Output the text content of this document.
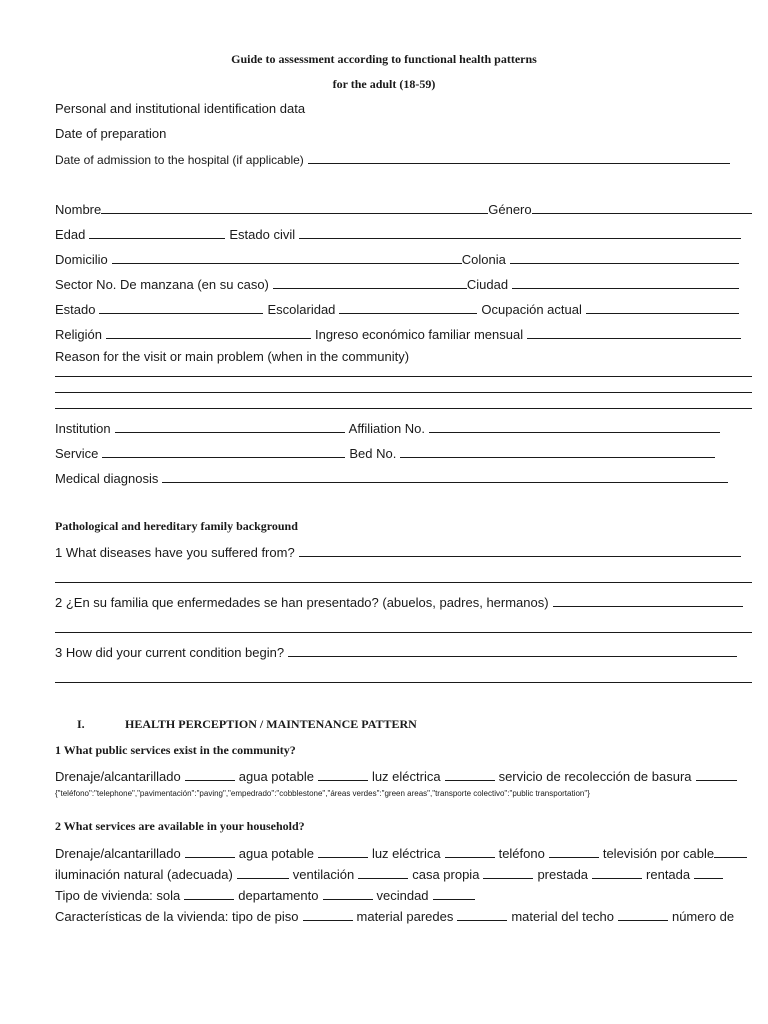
Guide to assessment according to functional health patterns
for the adult (18-59)
Personal and institutional identification data
Date of preparation
Date of admission to the hospital (if applicable)
Nombre	Género
Edad	Estado civil
Domicilio	Colonia
Sector No. De manzana (en su caso)	Ciudad
Estado	Escolaridad	Ocupación actual
Religión	Ingreso económico familiar mensual
Reason for the visit or main problem (when in the community)
Institution	Affiliation No.
Service	Bed No.
Medical diagnosis
Pathological and hereditary family background
1 What diseases have you suffered from?
2 ¿En su familia que enfermedades se han presentado? (abuelos, padres, hermanos)
3 How did your current condition begin?
I.	HEALTH PERCEPTION / MAINTENANCE PATTERN
1 What public services exist in the community?
Drenaje/alcantarillado	agua potable	luz eléctrica	servicio de recolección de basura
{"teléfono":"telephone","pavimentación":"paving","empedrado":"cobblestone","áreas verdes":"green areas","transporte colectivo":"public transportation"}
2 What services are available in your household?
Drenaje/alcantarillado	agua potable	luz eléctrica	teléfono	televisión por cable
iluminación natural (adecuada)	ventilación	casa propia	prestada	rentada
Tipo de vivienda: sola	departamento	vecindad
Características de la vivienda: tipo de piso	material paredes	material del techo	número de
